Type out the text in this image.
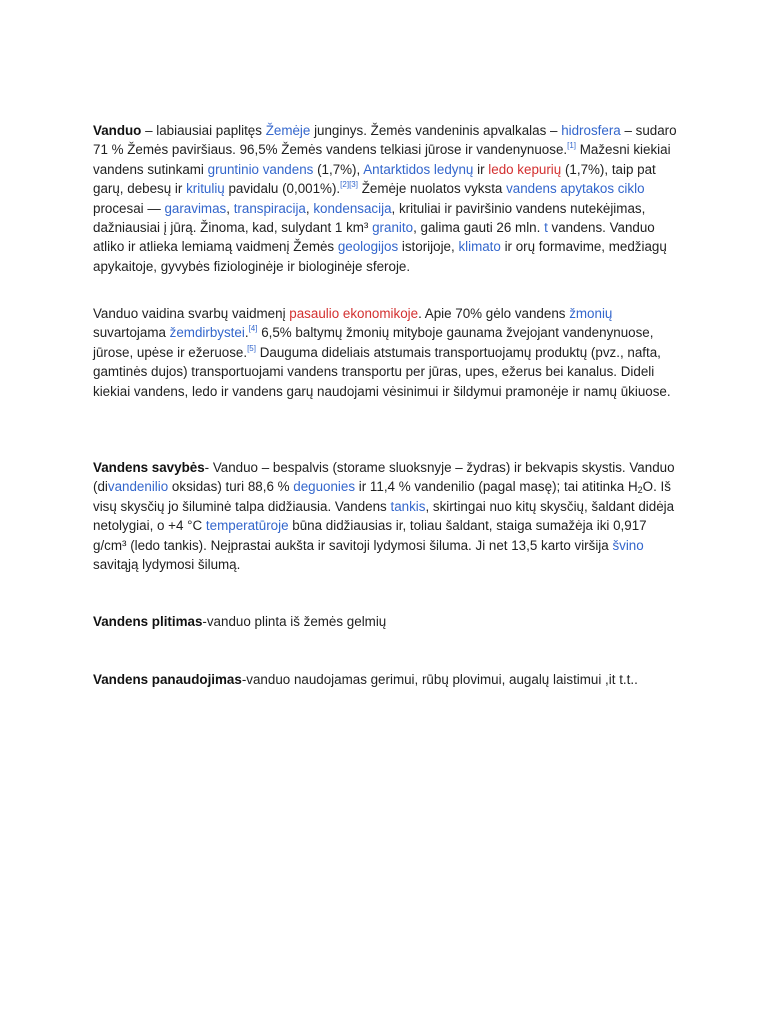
Vanduo – labiausiai paplitęs Žemėje junginys. Žemės vandeninis apvalkalas – hidrosfera – sudaro 71 % Žemės paviršiaus. 96,5% Žemės vandens telkiasi jūrose ir vandenynuose.[1] Mažesni kiekiai vandens sutinkami gruntinio vandens (1,7%), Antarktidos ledynų ir ledo kepurių (1,7%), taip pat garų, debesų ir kritulių pavidalu (0,001%).[2][3] Žemėje nuolatos vyksta vandens apytakos ciklo procesai — garavimas, transpiracija, kondensacija, krituliai ir paviršinio vandens nutekėjimas, dažniausiai į jūrą. Žinoma, kad, sulydant 1 km³ granito, galima gauti 26 mln. t vandens. Vanduo atliko ir atlieka lemiamą vaidmenį Žemės geologijos istorijoje, klimato ir orų formavime, medžiagų apykaitoje, gyvybės fiziologinėje ir biologinėje sferoje.

Vanduo vaidina svarbų vaidmenį pasaulio ekonomikoje. Apie 70% gėlo vandens žmonių suvartojama žemdirbystei.[4] 6,5% baltymų žmonių mityboje gaunama žvejojant vandenynuose, jūrose, upėse ir ežeruose.[5] Dauguma dideliais atstumais transportuojamų produktų (pvz., nafta, gamtinės dujos) transportuojami vandens transportu per jūras, upes, ežerus bei kanalus. Dideli kiekiai vandens, ledo ir vandens garų naudojami vėsinimui ir šildymui pramonėje ir namų ūkiuose.

Vandens savybės- Vanduo – bespalvis (storame sluoksnyje – žydras) ir bekvapis skystis. Vanduo (divandenilio oksidas) turi 88,6 % deguonies ir 11,4 % vandenilio (pagal masę); tai atitinka $H_2O$. Iš visų skysčių jo šiluminė talpa didžiausia. Vandens tankis, skirtingai nuo kitų skysčių, šaldant didėja netolygiai, o +4 °C temperatūroje būna didžiausias ir, toliau šaldant, staiga sumažėja iki 0,917 g/cm³ (ledo tankis). Neįprastai aukšta ir savitoji lydymosi šiluma. Ji net 13,5 karto viršija švino savitąją lydymosi šilumą.

Vandens plitimas-vanduo plinta iš žemės gelmių

Vandens panaudojimas-vanduo naudojamas gerimui, rūbų plovimui, augalų laistimui ,it t.t..
